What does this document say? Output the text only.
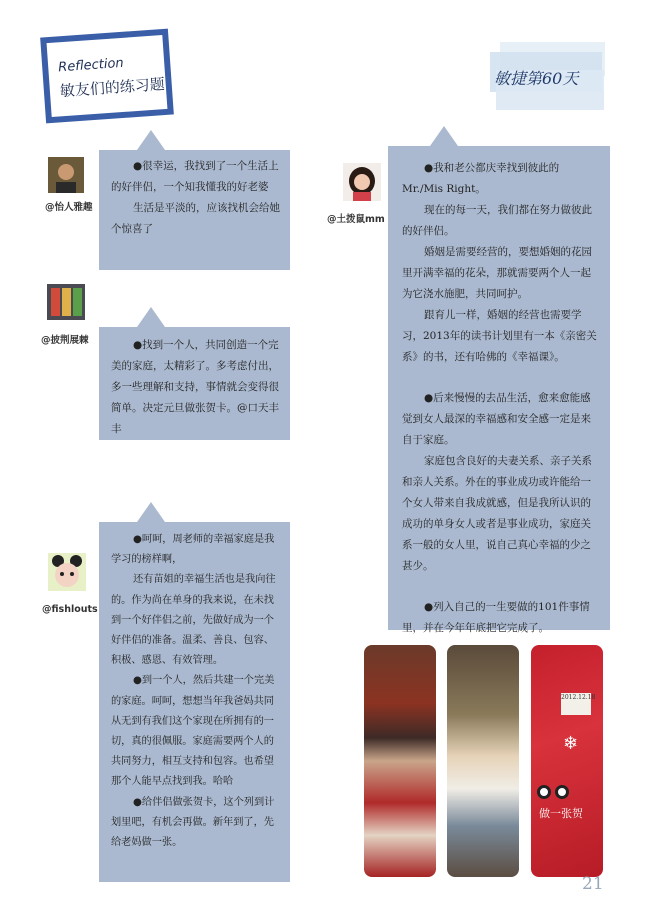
Reflection
敏友们的练习题	敏捷第60天
@怡人雅趣
@披荆展棘
@fishlouts
@土拨鼠mm

●很幸运，我找到了一个生活上的好伴侣，一个知我懂我的好老婆

生活是平淡的，应该找机会给她个惊喜了

●找到一个人，共同创造一个完美的家庭，太精彩了。多考虑付出，多一些理解和支持，事情就会变得很简单。决定元旦做张贺卡。@口天丰丰

●呵呵，周老师的幸福家庭是我学习的榜样啊，

还有苗姐的幸福生活也是我向往的。作为尚在单身的我来说，在未找到一个好伴侣之前，先做好成为一个好伴侣的准备。温柔、善良、包容、积极、感恩、有效管理。

●到一个人，然后共建一个完美的家庭。呵呵，想想当年我爸妈共同从无到有我们这个家现在所拥有的一切，真的很佩服。家庭需要两个人的共同努力，相互支持和包容。也希望那个人能早点找到我。哈哈

●给伴侣做张贺卡，这个列到计划里吧，有机会再做。新年到了，先给老妈做一张。

●我和老公都庆幸找到彼此的Mr./Mis Right。

现在的每一天，我们都在努力做彼此的好伴侣。

婚姻是需要经营的，要想婚姻的花园里开满幸福的花朵，那就需要两个人一起为它浇水施肥，共同呵护。

跟育儿一样，婚姻的经营也需要学习，2013年的读书计划里有一本《亲密关系》的书，还有哈佛的《幸福课》。

●后来慢慢的去品生活，愈来愈能感觉到女人最深的幸福感和安全感一定是来自于家庭。

家庭包含良好的夫妻关系、亲子关系和亲人关系。外在的事业成功或许能给一个女人带来自我成就感，但是我所认识的成功的单身女人或者是事业成功，家庭关系一般的女人里，说自己真心幸福的少之甚少。

●列入自己的一生要做的101件事情里，并在今年年底把它完成了。

2012.12.18
❄
做一张贺
21
